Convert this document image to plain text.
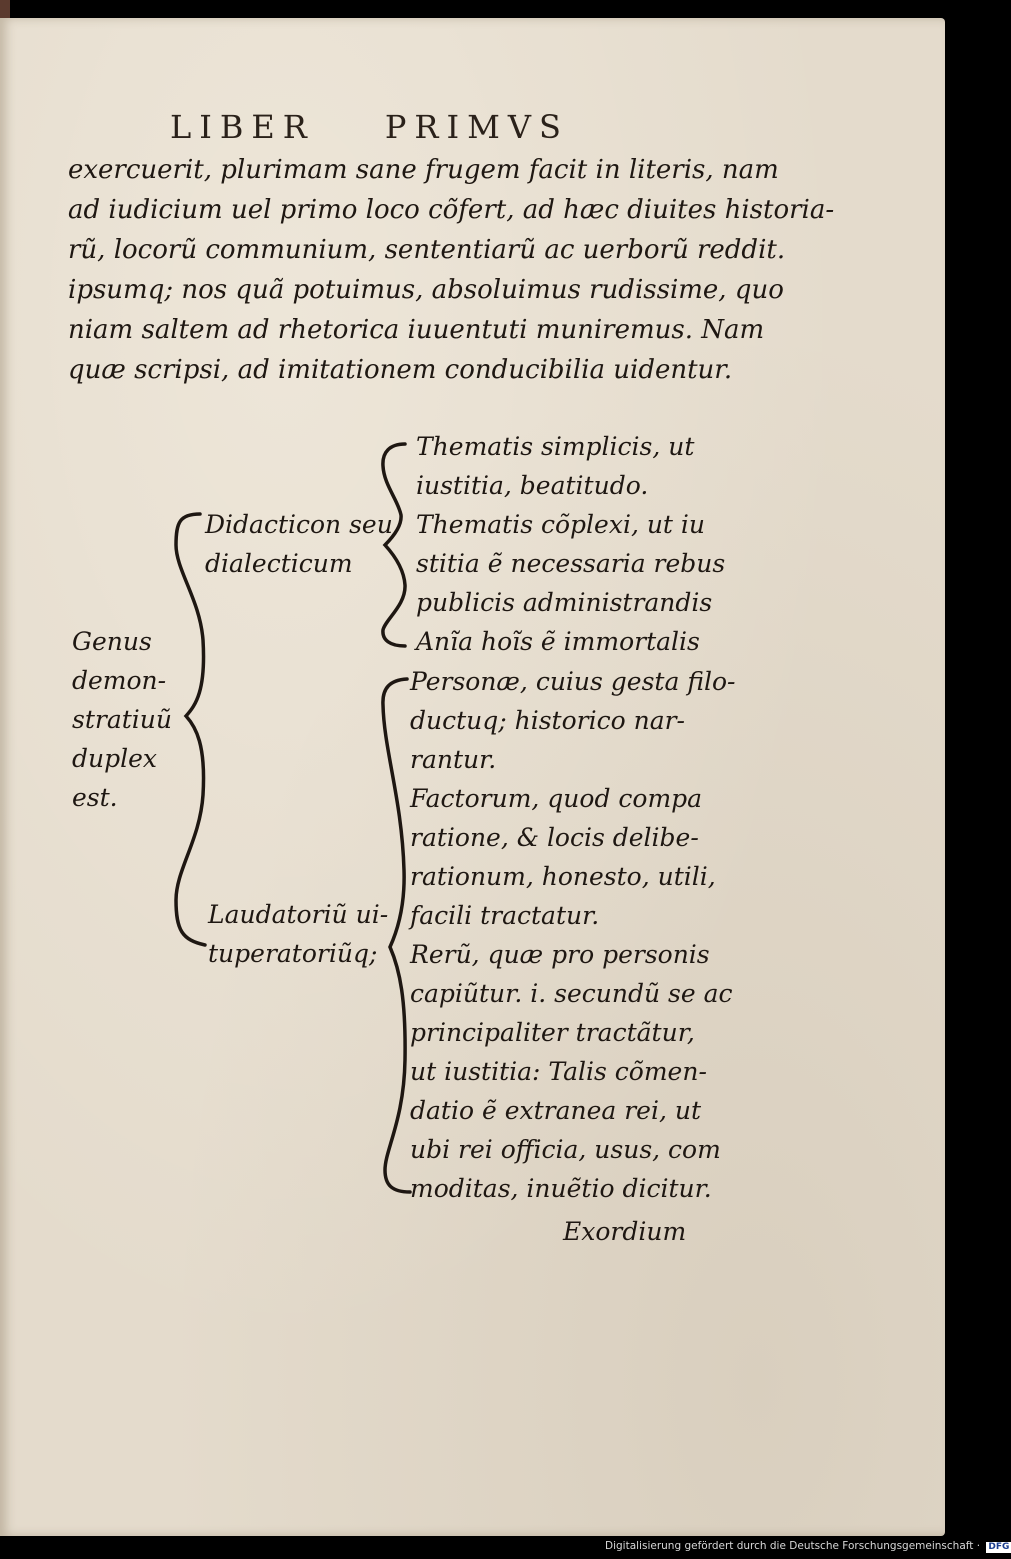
LIBER PRIMVS
exercuerit, plurimam sane frugem facit in literis, nam
ad iudicium uel primo loco cõfert, ad hæc diuites historia-
rũ, locorũ communium, sententiarũ ac uerborũ reddit.
ipsumq; nos quã potuimus, absoluimus rudissime, quo
niam saltem ad rhetorica iuuentuti muniremus. Nam
quæ scripsi, ad imitationem conducibilia uidentur.
Genus
demon-
stratiuũ
duplex
est.
Didacticon seu
dialecticum
Laudatoriũ ui-
tuperatoriũq;
Thematis simplicis, ut
iustitia, beatitudo.
Thematis cõplexi, ut iu
stitia ẽ necessaria rebus
publicis administrandis
Anĩa hoĩs ẽ immortalis
Personæ, cuius gesta filo-
ductuq; historico nar-
rantur.
Factorum, quod compa
ratione, & locis delibe-
rationum, honesto, utili,
facili tractatur.
Rerũ, quæ pro personis
capiũtur. i. secundũ se ac
principaliter tractãtur,
ut iustitia: Talis cõmen-
datio ẽ extranea rei, ut
ubi rei officia, usus, com
moditas, inuẽtio dicitur.
Exordium
Digitalisierung gefördert durch die Deutsche Forschungsgemeinschaft · DFG
